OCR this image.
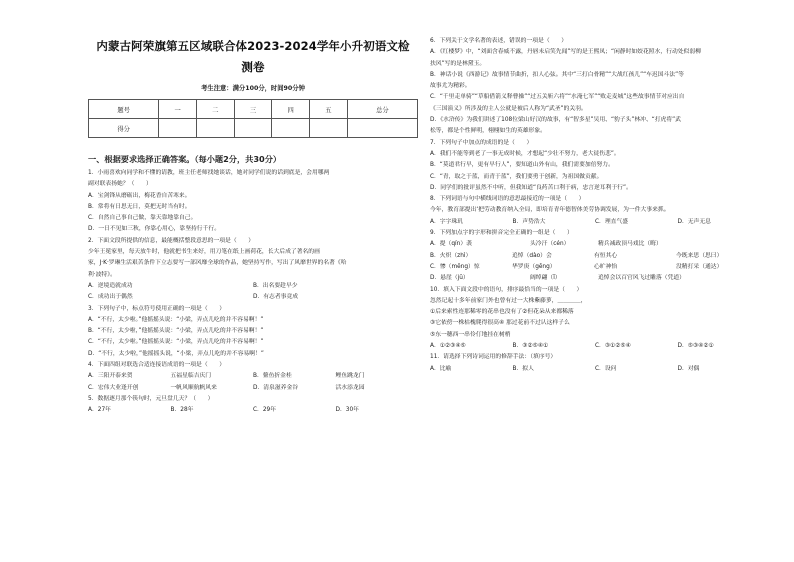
内蒙古阿荣旗第五区域联合体2023-2024学年小升初语文检
测卷
考生注意：满分100分，时间90分钟
题号	一	二	三	四	五	总分
得分						
一、根据要求选择正确答案。（每小题2分，共30分）
1．小雨喜欢向同学和不懂的请教，班主任老师找她谈话，她对同学们说的话到底是，会用哪两
副对联表扬她？（　　）
A．宝剑锋从磨砺出，梅花香自苦寒来。
B．常将有日思无日，莫把无时当有时。
C．自然自己事自己做，靠天靠地靠自己。
D．一日不见如三秋，你靠心用心，靠坚持行千行。
2．下面文段所提供的信息，最能概括整段意思的一项是（　　）
少年王冕家里，每天放牛时，他就把书生来好，用刀笔在纸上画荷花，长大后成了著名的画
家，J·K·罗琳生活艰苦条件下立志要写一部风靡全球的作品，她坚持写作，写出了风靡世界的名著《哈
利·波特》。
A．逆境造就成功	B．出名要趁早少
C．成功出于偶然	D．有志者事竟成
3．下列句子中，标点符号使用正确的一项是（　　）
A．“不行，太少啦。”他摇摇头说：“小梁，弄点儿吃的并不容易啊！”
B．“不行，太少啦，”他摇摇头说：“小梁，弄点儿吃的并不容易啊！”
C．“不行，太少啦。”他摇摇头说：“小梁，弄点儿吃的并不容易啊！”
D．“不行，太少啦，”他摇摇头说，“小梁，弄点儿吃的并不容易啊！”
4．下面四组对联选合适连接语成语的一项是（　　）
A．三阳开泰来贺	五福星临吉庆门	B．鳌鱼折金桂	鲤鱼跳龙门
C．宏伟大业逢开创	一帆风顺航帆风来	D．清泉滋养金谷	活水添龙园
5．数据逐月那个筷句时，元旦盘几天？（　　）
A．27年	B．28年	C．29年	D．30年
6．下列关于文学名著的表述，错误的一项是（　　）
A．《红楼梦》中，“刘面含春威不露，丹唇未启笑先闻”写的是王熙凤；“闲静时如姣花照水，行动处似弱柳
扶风”写的是林黛玉。
B．神话小说《西游记》故事情节曲折，扣人心弦。其中“三打白骨精”“大战红孩儿”“车迟国斗法”等
故事尤为精彩。
C．“千里走单骑”“草船借箭义释曹操”“过五关斩六将”“水淹七军”“败走麦城”这些故事情节对应出自
《三国演义》所涉及的主人公就是被后人称为“武圣”的关羽。
D．《水浒传》为我们讲述了108位梁山好汉的故事，有“智多星”吴用、“豹子头”林冲、“打虎将”武
松等，都是个性鲜明，栩栩如生的英雄形象。
7．下列句子中加点的成语的是（　　）
A．我们不能等到老了一事无成时候，才想起“少壮不努力，老大徒伤悲”。
B．“莫道君行早，更有早行人”，要知道山外有山，我们需要加倍努力。
C．“青，取之于蓝，而青于蓝”，我们要勇于创新，为祖国做贡献。
D．同学们的批评虽然不中听，但我知道“良药苦口利于病，忠言逆耳利于行”。
8．下列词语与句中横线词语的意思最接近的一项是（　　）
今年，教育部提出‘把劳动教育纳入全局，即培育青年德智体美劳协调发展，为一件大事来抓。
A．字字珠玑	B．声势浩大	C．理直气盛	D．无声无息
9．下列加点字的字形和拼音完全正确的一组是（　　）
A．提（qín）袭	头冷汗（cén）	精兵减政顶马戏比（晦）
B．火炽（zhì）	追悼（dào）会	有恒其心	今既来思（思曰）
C．惨（měng）惊	华罗庚（gēng）	心旷神怡	没精打采（通达）
D．悬崖（jū）	阔绰翩（ǐ）	追悼会以百官风飞过雕落（凭道）
10．填入下面文段中的语句，排序最恰当的一项是（　　）
忽然记起十多年前家门外也曾有过一大株紫藤萝，＿＿＿＿，
①后来索性连那稀零的花串也没有了②但花朵从来都稀落
③它依傍一株枯槐爬得很高④ 那过花前不过认这样子么
⑤东一穗西一串伶仃地挂在树梢
A．①②③④⑤	B．③②⑤④①	C．③①②⑤④	D．⑤③④②①
11．请选择下列诗词运用的修辞手法：（填序号）
A．比喻	B．拟人	C．设问	D．对偶
